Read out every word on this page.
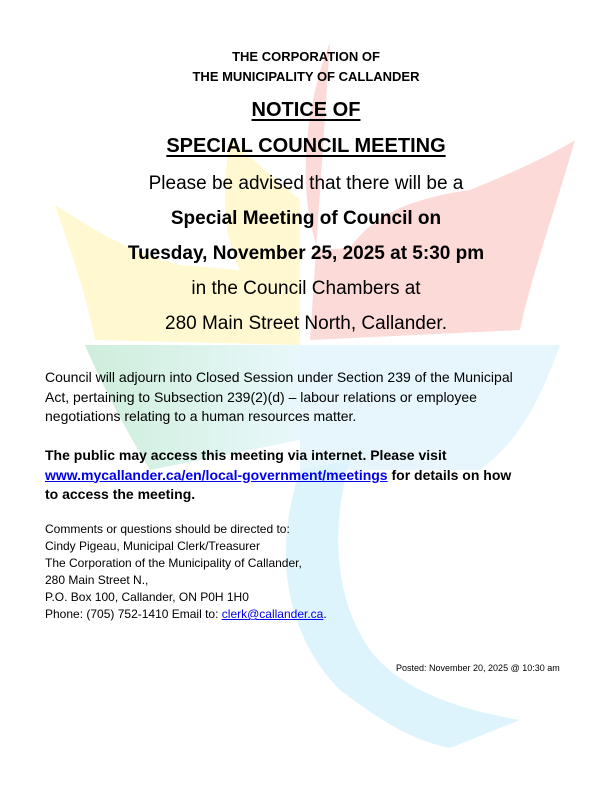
THE CORPORATION OF
THE MUNICIPALITY OF CALLANDER
NOTICE OF
SPECIAL COUNCIL MEETING
Please be advised that there will be a
Special Meeting of Council on
Tuesday, November 25, 2025 at 5:30 pm
in the Council Chambers at
280 Main Street North, Callander.
Council will adjourn into Closed Session under Section 239 of the Municipal
Act, pertaining to Subsection 239(2)(d) – labour relations or employee
negotiations relating to a human resources matter.
The public may access this meeting via internet. Please visit
www.mycallander.ca/en/local-government/meetings for details on how
to access the meeting.
Comments or questions should be directed to:
Cindy Pigeau, Municipal Clerk/Treasurer
The Corporation of the Municipality of Callander,
280 Main Street N.,
P.O. Box 100, Callander, ON P0H 1H0
Phone: (705) 752-1410 Email to: clerk@callander.ca.
Posted: November 20, 2025 @ 10:30 am
